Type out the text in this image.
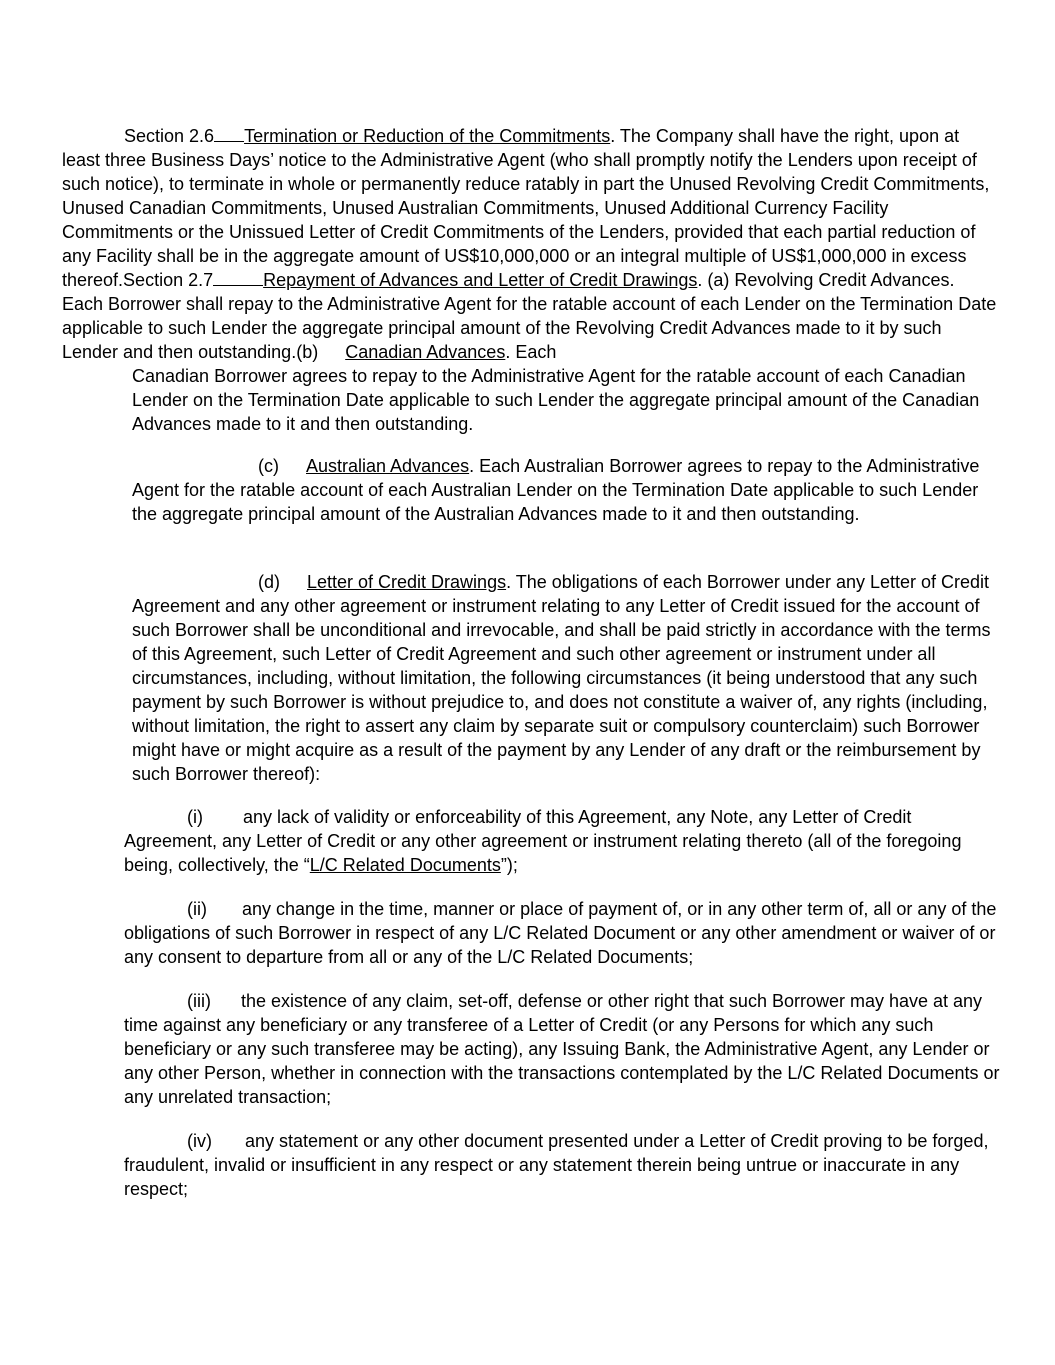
Section 2.6 Termination or Reduction of the Commitments. The Company shall have the right, upon at least three Business Days’ notice to the Administrative Agent (who shall promptly notify the Lenders upon receipt of such notice), to terminate in whole or permanently reduce ratably in part the Unused Revolving Credit Commitments, Unused Canadian Commitments, Unused Australian Commitments, Unused Additional Currency Facility Commitments or the Unissued Letter of Credit Commitments of the Lenders, provided that each partial reduction of any Facility shall be in the aggregate amount of US$10,000,000 or an integral multiple of US$1,000,000 in excess thereof.Section 2.7	Repayment of Advances and Letter of Credit Drawings. (a) Revolving Credit Advances. Each Borrower shall repay to the Administrative Agent for the ratable account of each Lender on the Termination Date applicable to such Lender the aggregate principal amount of the Revolving Credit Advances made to it by such Lender and then outstanding.(b) Canadian Advances. Each

Canadian Borrower agrees to repay to the Administrative Agent for the ratable account of each Canadian Lender on the Termination Date applicable to such Lender the aggregate principal amount of the Canadian Advances made to it and then outstanding.

(c) Australian Advances. Each Australian Borrower agrees to repay to the Administrative Agent for the ratable account of each Australian Lender on the Termination Date applicable to such Lender the aggregate principal amount of the Australian Advances made to it and then outstanding.

(d) Letter of Credit Drawings. The obligations of each Borrower under any Letter of Credit Agreement and any other agreement or instrument relating to any Letter of Credit issued for the account of such Borrower shall be unconditional and irrevocable, and shall be paid strictly in accordance with the terms of this Agreement, such Letter of Credit Agreement and such other agreement or instrument under all circumstances, including, without limitation, the following circumstances (it being understood that any such payment by such Borrower is without prejudice to, and does not constitute a waiver of, any rights (including, without limitation, the right to assert any claim by separate suit or compulsory counterclaim) such Borrower might have or might acquire as a result of the payment by any Lender of any draft or the reimbursement by such Borrower thereof):

(i) any lack of validity or enforceability of this Agreement, any Note, any Letter of Credit Agreement, any Letter of Credit or any other agreement or instrument relating thereto (all of the foregoing being, collectively, the “L/C Related Documents”);

(ii) any change in the time, manner or place of payment of, or in any other term of, all or any of the obligations of such Borrower in respect of any L/C Related Document or any other amendment or waiver of or any consent to departure from all or any of the L/C Related Documents;

(iii) the existence of any claim, set-off, defense or other right that such Borrower may have at any time against any beneficiary or any transferee of a Letter of Credit (or any Persons for which any such beneficiary or any such transferee may be acting), any Issuing Bank, the Administrative Agent, any Lender or any other Person, whether in connection with the transactions contemplated by the L/C Related Documents or any unrelated transaction;

(iv) any statement or any other document presented under a Letter of Credit proving to be forged, fraudulent, invalid or insufficient in any respect or any statement therein being untrue or inaccurate in any respect;
